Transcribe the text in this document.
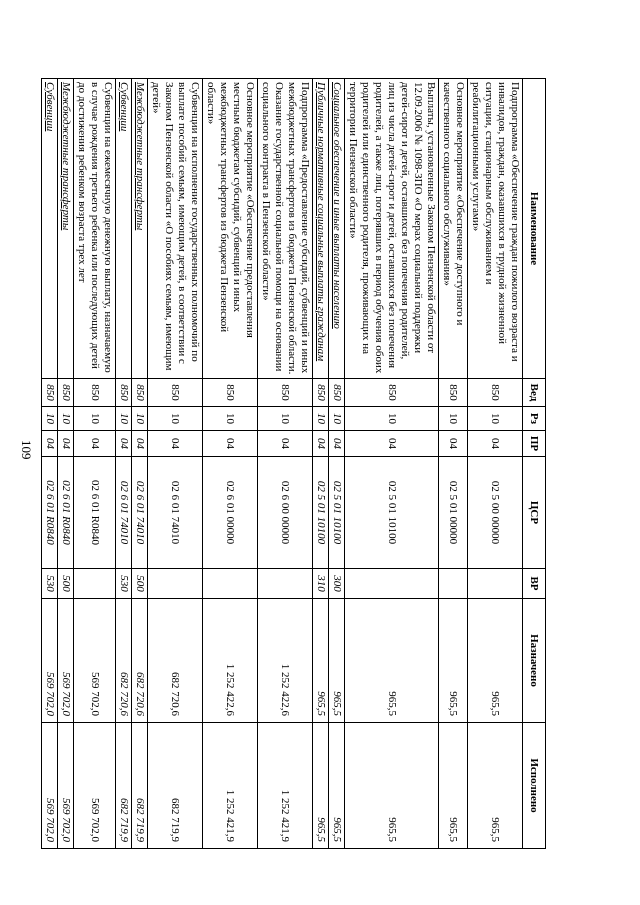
109
Наименование	Вед	Рз	ПР	ЦСР	ВР	Назначено	Исполнено
Подпрограмма «Обеспечение граждан пожилого возраста и инвалидов, граждан, оказавшихся в трудной жизненной ситуации, стационарным обслуживанием и реабилитационными услугами»	850	10	04	02 5 00 00000		965,5	965,5
Основное мероприятие «Обеспечение доступного и качественного социального обслуживания»	850	10	04	02 5 01 00000		965,5	965,5
Выплаты, установленные Законом Пензенской области от 12.09.2006 № 1098-ЗПО «О мерах социальной поддержки детей-сирот и детей, оставшихся без попечения родителей, лиц из числа детей-сирот и детей, оставшихся без попечения родителей, а также лиц, потерявших в период обучения обоих родителей или единственного родителя, проживающих на территории Пензенской области»	850	10	04	02 5 01 10100		965,5	965,5
Социальное обеспечение и иные выплаты населению	850	10	04	02 5 01 10100	300	965,5	965,5
Публичные нормативные социальные выплаты гражданам	850	10	04	02 5 01 10100	310	965,5	965,5
Подпрограмма «Предоставление субсидий, субвенций и иных межбюджетных трансфертов из бюджета Пензенской области. Оказание государственной социальной помощи на основании социального контракта в Пензенской области»	850	10	04	02 6 00 00000		1 252 422,6	1 252 421,9
Основное мероприятие «Обеспечение предоставления местным бюджетам субсидий, субвенций и иных межбюджетных трансфертов из бюджета Пензенской области»	850	10	04	02 6 01 00000		1 252 422,6	1 252 421,9
Субвенции на исполнение государственных полномочий по выплате пособий семьям, имеющим детей, в соответствии с Законом Пензенской области «О пособиях семьям, имеющим детей»	850	10	04	02 6 01 74010		682 720,6	682 719,9
Межбюджетные трансферты	850	10	04	02 6 01 74010	500	682 720,6	682 719,9
Субвенции	850	10	04	02 6 01 74010	530	682 720,6	682 719,9
Субвенции на ежемесячную денежную выплату, назначаемую в случае рождения третьего ребенка или последующих детей до достижения ребенком возраста трех лет	850	10	04	02 6 01 R0840		569 702,0	569 702,0
Межбюджетные трансферты	850	10	04	02 6 01 R0840	500	569 702,0	569 702,0
Субвенции	850	10	04	02 6 01 R0840	530	569 702,0	569 702,0
